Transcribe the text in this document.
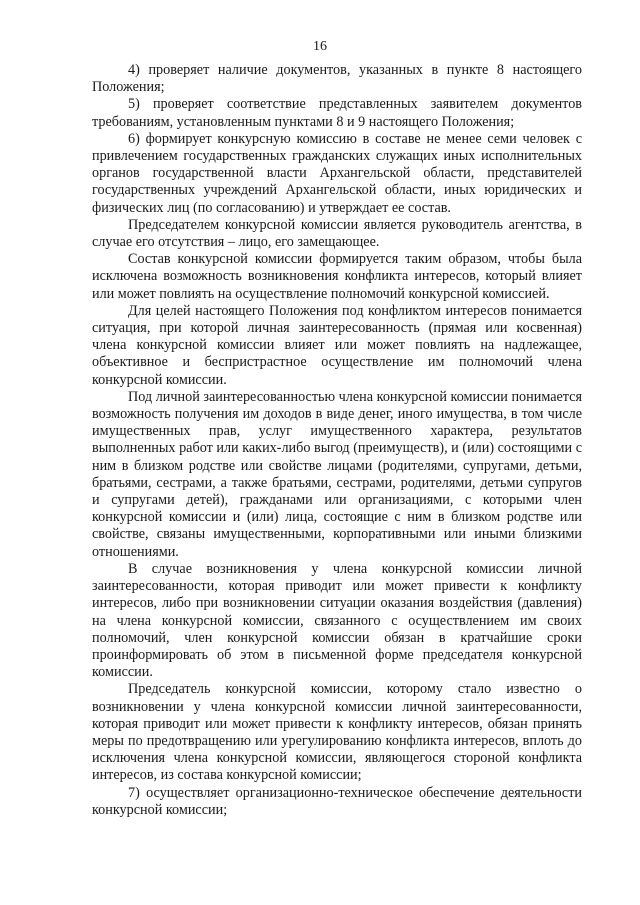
16

4) проверяет наличие документов, указанных в пункте 8 настоящего Положения;

5) проверяет соответствие представленных заявителем документов требованиям, установленным пунктами 8 и 9 настоящего Положения;

6) формирует конкурсную комиссию в составе не менее семи человек с привлечением государственных гражданских служащих иных исполнительных органов государственной власти Архангельской области, представителей государственных учреждений Архангельской области, иных юридических и физических лиц (по согласованию) и утверждает ее состав.

Председателем конкурсной комиссии является руководитель агентства, в случае его отсутствия – лицо, его замещающее.

Состав конкурсной комиссии формируется таким образом, чтобы была исключена возможность возникновения конфликта интересов, который влияет или может повлиять на осуществление полномочий конкурсной комиссией.

Для целей настоящего Положения под конфликтом интересов понимается ситуация, при которой личная заинтересованность (прямая или косвенная) члена конкурсной комиссии влияет или может повлиять на надлежащее, объективное и беспристрастное осуществление им полномочий члена конкурсной комиссии.

Под личной заинтересованностью члена конкурсной комиссии понимается возможность получения им доходов в виде денег, иного имущества, в том числе имущественных прав, услуг имущественного характера, результатов выполненных работ или каких-либо выгод (преимуществ), и (или) состоящими с ним в близком родстве или свойстве лицами (родителями, супругами, детьми, братьями, сестрами, а также братьями, сестрами, родителями, детьми супругов и супругами детей), гражданами или организациями, с которыми член конкурсной комиссии и (или) лица, состоящие с ним в близком родстве или свойстве, связаны имущественными, корпоративными или иными близкими отношениями.

В случае возникновения у члена конкурсной комиссии личной заинтересованности, которая приводит или может привести к конфликту интересов, либо при возникновении ситуации оказания воздействия (давления) на члена конкурсной комиссии, связанного с осуществлением им своих полномочий, член конкурсной комиссии обязан в кратчайшие сроки проинформировать об этом в письменной форме председателя конкурсной комиссии.

Председатель конкурсной комиссии, которому стало известно о возникновении у члена конкурсной комиссии личной заинтересованности, которая приводит или может привести к конфликту интересов, обязан принять меры по предотвращению или урегулированию конфликта интересов, вплоть до исключения члена конкурсной комиссии, являющегося стороной конфликта интересов, из состава конкурсной комиссии;

7) осуществляет организационно-техническое обеспечение деятельности конкурсной комиссии;
